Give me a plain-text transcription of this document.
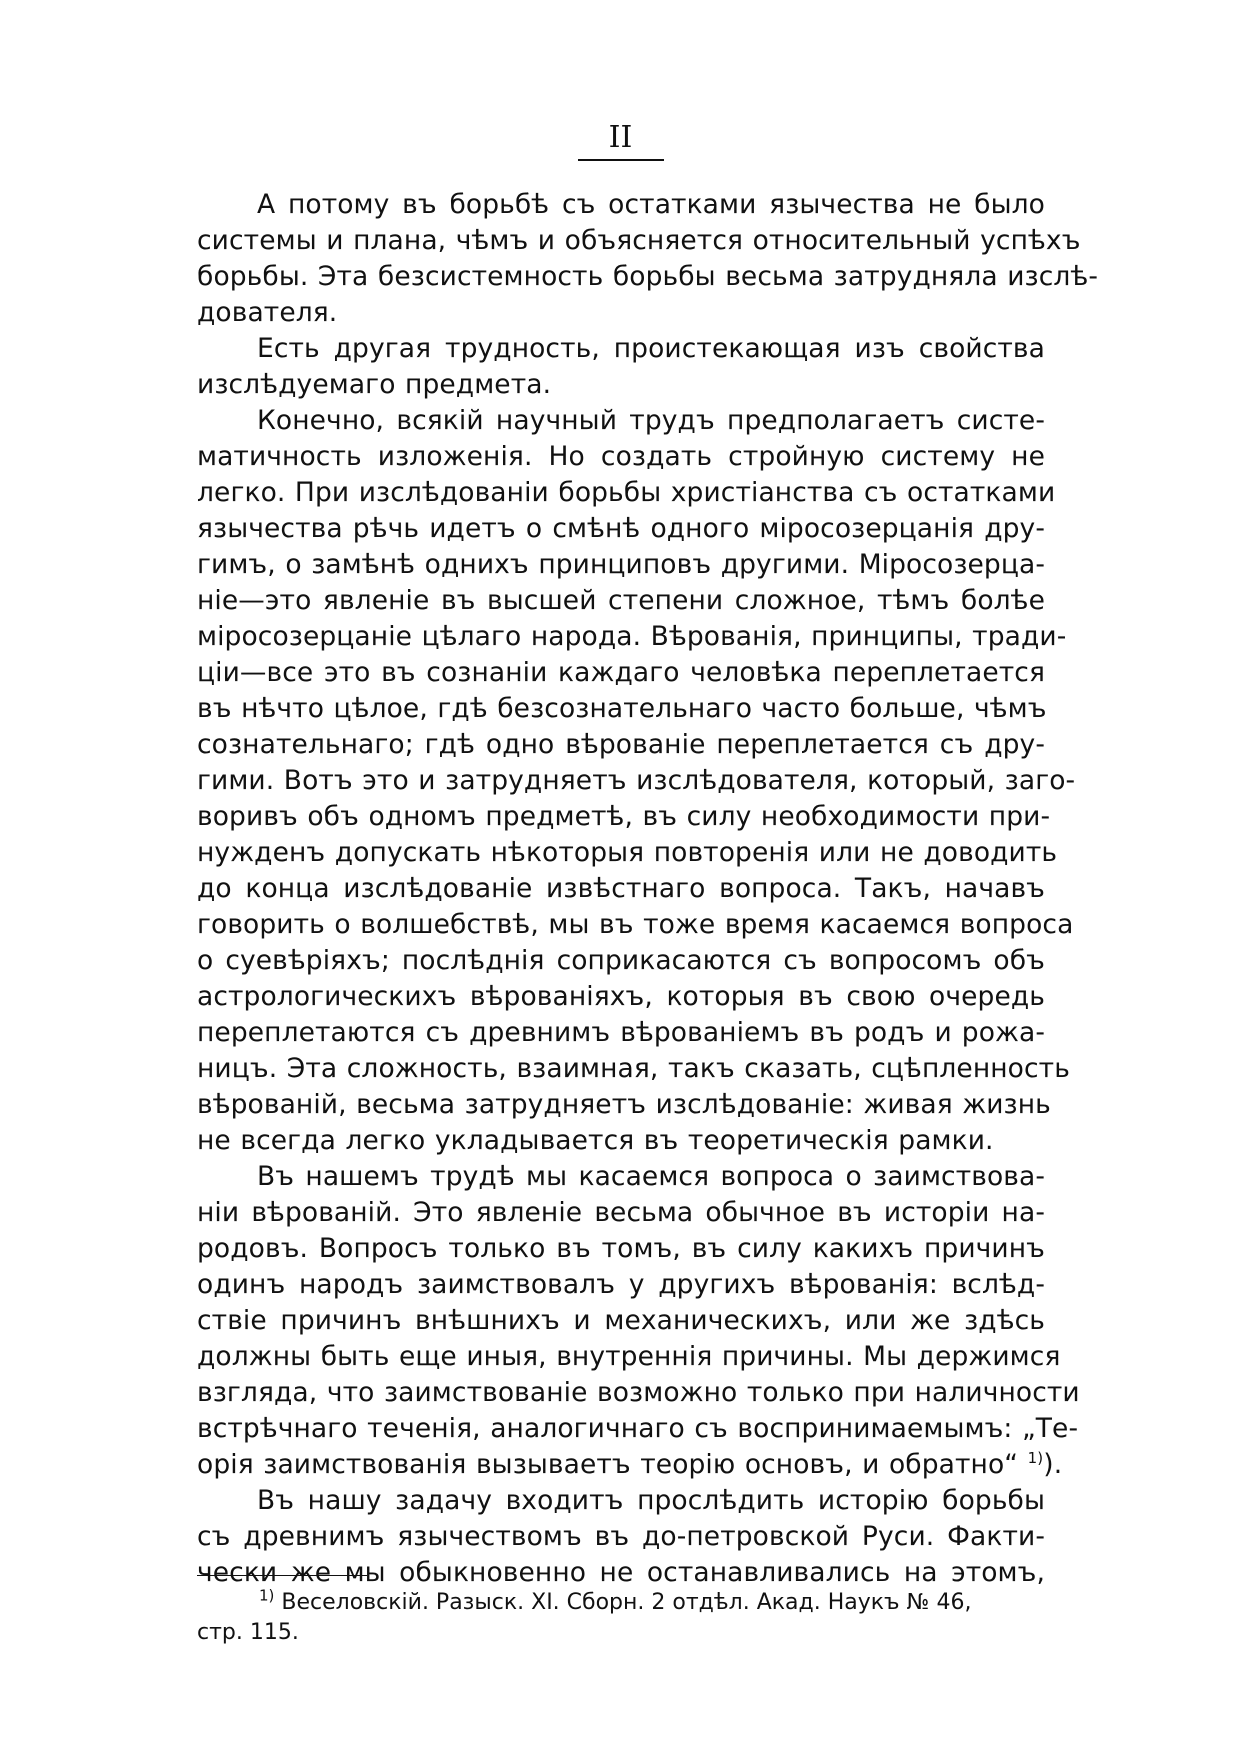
II
А потому въ борьбѣ съ остатками язычества не было
системы и плана, чѣмъ и объясняется относительный успѣхъ
борьбы. Эта безсистемность борьбы весьма затрудняла изслѣ-
дователя.
Есть другая трудность, проистекающая изъ свойства
изслѣдуемаго предмета.
Конечно, всякій научный трудъ предполагаетъ систе-
матичность изложенія. Но создать стройную систему не
легко. При изслѣдованіи борьбы христіанства съ остатками
язычества рѣчь идетъ о смѣнѣ одного міросозерцанія дру-
гимъ, о замѣнѣ однихъ принциповъ другими. Міросозерца-
ніе—это явленіе въ высшей степени сложное, тѣмъ болѣе
міросозерцаніе цѣлаго народа. Вѣрованія, принципы, тради-
ціи—все это въ сознаніи каждаго человѣка переплетается
въ нѣчто цѣлое, гдѣ безсознательнаго часто больше, чѣмъ
сознательнаго; гдѣ одно вѣрованіе переплетается съ дру-
гими. Вотъ это и затрудняетъ изслѣдователя, который, заго-
воривъ объ одномъ предметѣ, въ силу необходимости при-
нужденъ допускать нѣкоторыя повторенія или не доводить
до конца изслѣдованіе извѣстнаго вопроса. Такъ, начавъ
говорить о волшебствѣ, мы въ тоже время касаемся вопроса
о суевѣріяхъ; послѣднія соприкасаются съ вопросомъ объ
астрологическихъ вѣрованіяхъ, которыя въ свою очередь
переплетаются съ древнимъ вѣрованіемъ въ родъ и рожа-
ницъ. Эта сложность, взаимная, такъ сказать, сцѣпленность
вѣрованій, весьма затрудняетъ изслѣдованіе: живая жизнь
не всегда легко укладывается въ теоретическія рамки.
Въ нашемъ трудѣ мы касаемся вопроса о заимствова-
ніи вѣрованій. Это явленіе весьма обычное въ исторіи на-
родовъ. Вопросъ только въ томъ, въ силу какихъ причинъ
одинъ народъ заимствовалъ у другихъ вѣрованія: вслѣд-
ствіе причинъ внѣшнихъ и механическихъ, или же здѣсь
должны быть еще иныя, внутреннія причины. Мы держимся
взгляда, что заимствованіе возможно только при наличности
встрѣчнаго теченія, аналогичнаго съ воспринимаемымъ: „Те-
орія заимствованія вызываетъ теорію основъ, и обратно“ $^{1)}$).
Въ нашу задачу входитъ прослѣдить исторію борьбы
съ древнимъ язычествомъ въ до-петровской Руси. Факти-
чески же мы обыкновенно не останавливались на этомъ,
$^{1)}$ Веселовскій. Разыск. XI. Сборн. 2 отдѣл. Акад. Наукъ № 46,
стр. 115.
